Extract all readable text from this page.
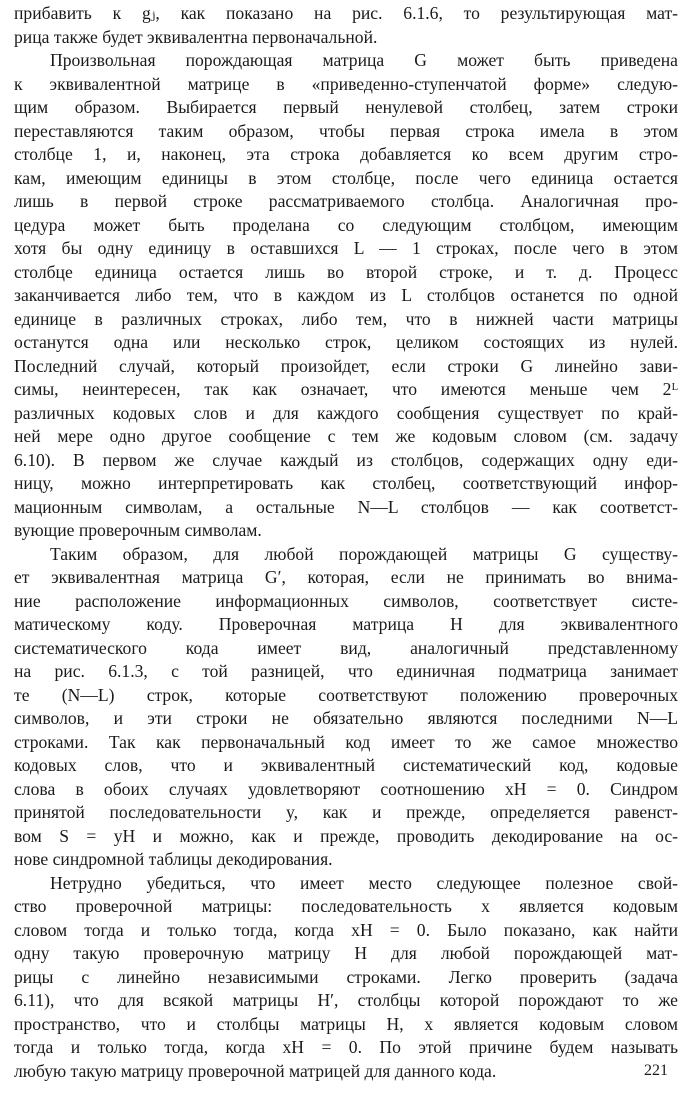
прибавить к gⱼ, как показано на рис. 6.1.6, то результирующая мат-
рица также будет эквивалентна первоначальной.

Произвольная порождающая матрица G может быть приведена
к эквивалентной матрице в «приведенно-ступенчатой форме» следую-
щим образом. Выбирается первый ненулевой столбец, затем строки
переставляются таким образом, чтобы первая строка имела в этом
столбце 1, и, наконец, эта строка добавляется ко всем другим стро-
кам, имеющим единицы в этом столбце, после чего единица остается
лишь в первой строке рассматриваемого столбца. Аналогичная про-
цедура может быть проделана со следующим столбцом, имеющим
хотя бы одну единицу в оставшихся L — 1 строках, после чего в этом
столбце единица остается лишь во второй строке, и т. д. Процесс
заканчивается либо тем, что в каждом из L столбцов останется по одной
единице в различных строках, либо тем, что в нижней части матрицы
останутся одна или несколько строк, целиком состоящих из нулей.
Последний случай, который произойдет, если строки G линейно зави-
симы, неинтересен, так как означает, что имеются меньше чем 2ᴸ
различных кодовых слов и для каждого сообщения существует по край-
ней мере одно другое сообщение с тем же кодовым словом (см. задачу
6.10). В первом же случае каждый из столбцов, содержащих одну еди-
ницу, можно интерпретировать как столбец, соответствующий инфор-
мационным символам, а остальные N—L столбцов — как соответст-
вующие проверочным символам.

Таким образом, для любой порождающей матрицы G существу-
ет эквивалентная матрица G′, которая, если не принимать во внима-
ние расположение информационных символов, соответствует систе-
матическому коду. Проверочная матрица H для эквивалентного
систематического кода имеет вид, аналогичный представленному
на рис. 6.1.3, с той разницей, что единичная подматрица занимает
те (N—L) строк, которые соответствуют положению проверочных
символов, и эти строки не обязательно являются последними N—L
строками. Так как первоначальный код имеет то же самое множество
кодовых слов, что и эквивалентный систематический код, кодовые
слова в обоих случаях удовлетворяют соотношению xH = 0. Синдром
принятой последовательности y, как и прежде, определяется равенст-
вом S = yH и можно, как и прежде, проводить декодирование на ос-
нове синдромной таблицы декодирования.

Нетрудно убедиться, что имеет место следующее полезное свой-
ство проверочной матрицы: последовательность x является кодовым
словом тогда и только тогда, когда xH = 0. Было показано, как найти
одну такую проверочную матрицу H для любой порождающей мат-
рицы с линейно независимыми строками. Легко проверить (задача
6.11), что для всякой матрицы H′, столбцы которой порождают то же
пространство, что и столбцы матрицы H, x является кодовым словом
тогда и только тогда, когда xH = 0. По этой причине будем называть
любую такую матрицу проверочной матрицей для данного кода.	221
